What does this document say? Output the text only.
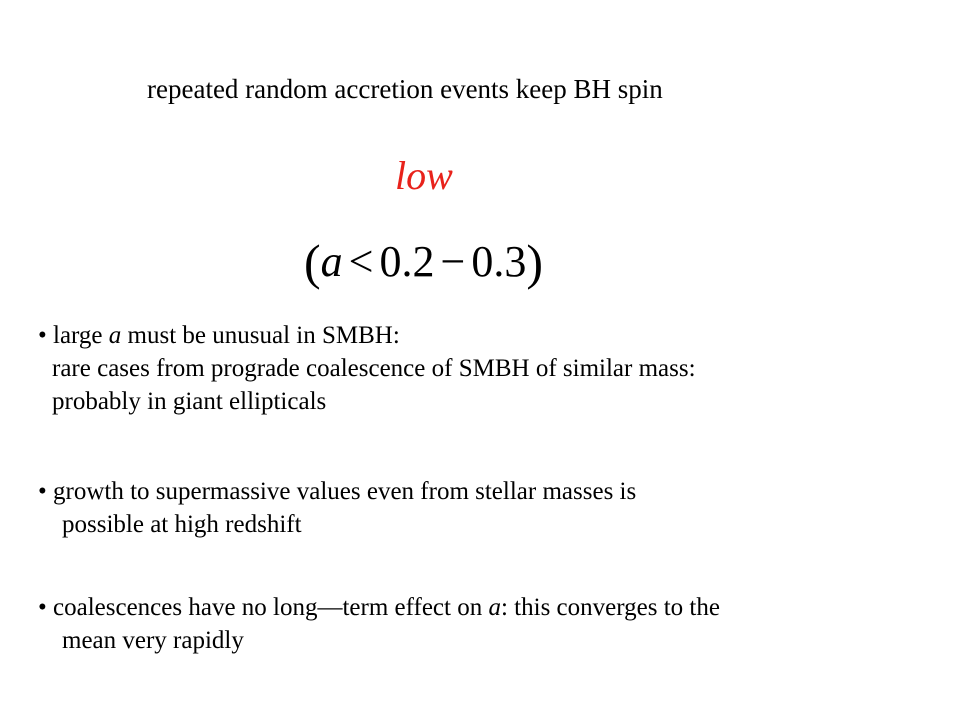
repeated random accretion events keep BH spin
low
(a < 0.2 − 0.3)
• large a must be unusual in SMBH:
rare cases from prograde coalescence of SMBH of similar mass:
probably in giant ellipticals
• growth to supermassive values even from stellar masses is
possible at high redshift
• coalescences have no long—term effect on a: this converges to the
mean very rapidly
